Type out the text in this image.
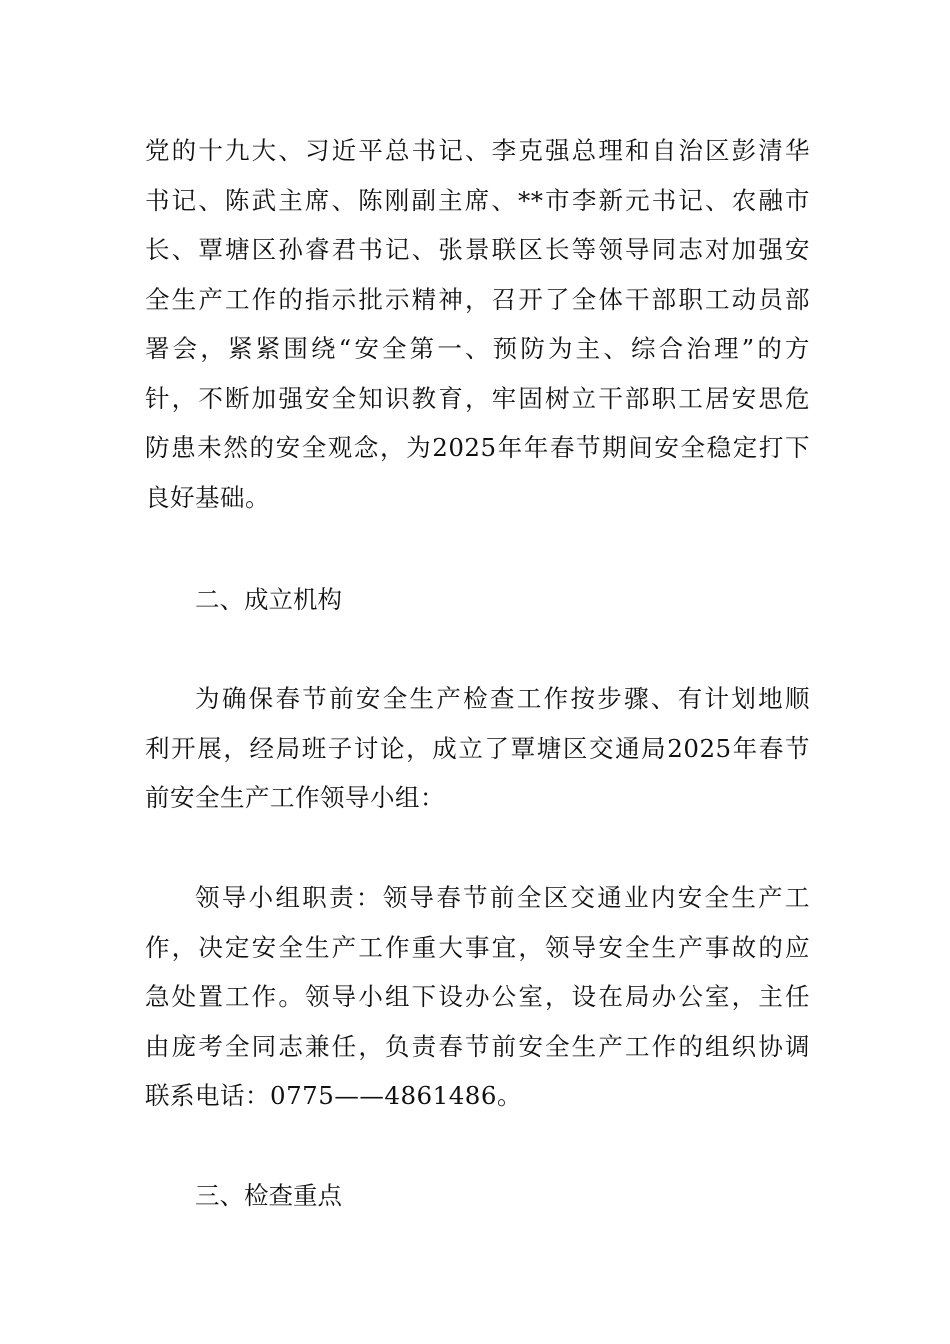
党的十九大、习近平总书记、李克强总理和自治区彭清华
书记、陈武主席、陈刚副主席、**市李新元书记、农融市
长、覃塘区孙睿君书记、张景联区长等领导同志对加强安
全生产工作的指示批示精神，召开了全体干部职工动员部
署会，紧紧围绕“安全第一、预防为主、综合治理”的方
针，不断加强安全知识教育，牢固树立干部职工居安思危
防患未然的安全观念，为2025年年春节期间安全稳定打下
良好基础。
二、成立机构
为确保春节前安全生产检查工作按步骤、有计划地顺
利开展，经局班子讨论，成立了覃塘区交通局2025年春节
前安全生产工作领导小组：
领导小组职责：领导春节前全区交通业内安全生产工
作，决定安全生产工作重大事宜，领导安全生产事故的应
急处置工作。领导小组下设办公室，设在局办公室，主任
由庞考全同志兼任，负责春节前安全生产工作的组织协调
联系电话：0775——4861486。
三、检查重点
